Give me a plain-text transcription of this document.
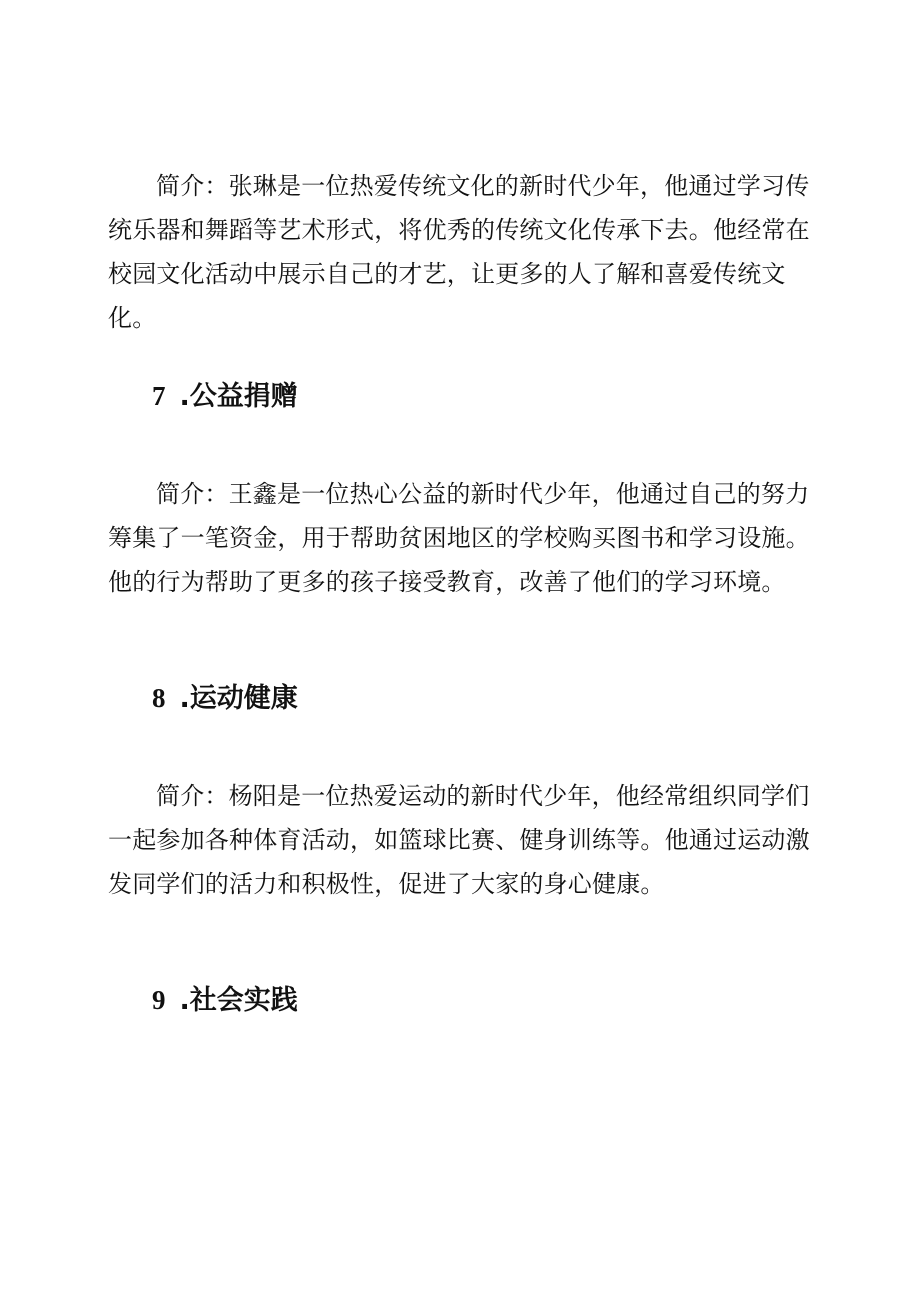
简介：张琳是一位热爱传统文化的新时代少年，他通过学习传统乐器和舞蹈等艺术形式，将优秀的传统文化传承下去。他经常在校园文化活动中展示自己的才艺，让更多的人了解和喜爱传统文化。

7 .公益捐赠

简介：王鑫是一位热心公益的新时代少年，他通过自己的努力筹集了一笔资金，用于帮助贫困地区的学校购买图书和学习设施。他的行为帮助了更多的孩子接受教育，改善了他们的学习环境。

8 .运动健康

简介：杨阳是一位热爱运动的新时代少年，他经常组织同学们一起参加各种体育活动，如篮球比赛、健身训练等。他通过运动激发同学们的活力和积极性，促进了大家的身心健康。

9 .社会实践
